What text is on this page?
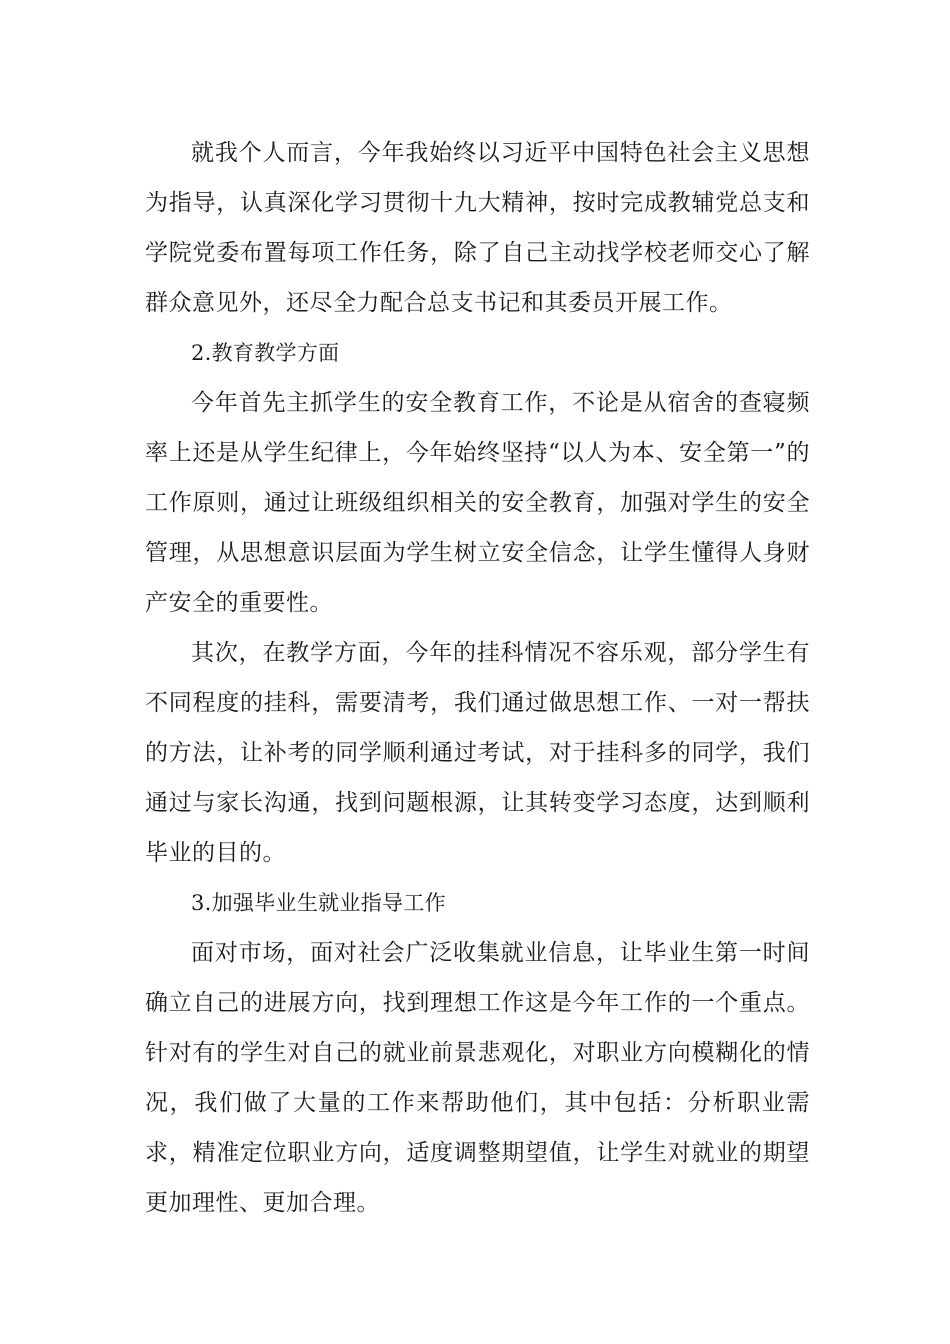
就我个人而言，今年我始终以习近平中国特色社会主义思想为指导，认真深化学习贯彻十九大精神，按时完成教辅党总支和学院党委布置每项工作任务，除了自己主动找学校老师交心了解群众意见外，还尽全力配合总支书记和其委员开展工作。

2.教育教学方面

今年首先主抓学生的安全教育工作，不论是从宿舍的查寝频率上还是从学生纪律上，今年始终坚持“以人为本、安全第一”的工作原则，通过让班级组织相关的安全教育，加强对学生的安全管理，从思想意识层面为学生树立安全信念，让学生懂得人身财产安全的重要性。

其次，在教学方面，今年的挂科情况不容乐观，部分学生有不同程度的挂科，需要清考，我们通过做思想工作、一对一帮扶的方法，让补考的同学顺利通过考试，对于挂科多的同学，我们通过与家长沟通，找到问题根源，让其转变学习态度，达到顺利毕业的目的。

3.加强毕业生就业指导工作

面对市场，面对社会广泛收集就业信息，让毕业生第一时间确立自己的进展方向，找到理想工作这是今年工作的一个重点。针对有的学生对自己的就业前景悲观化，对职业方向模糊化的情况，我们做了大量的工作来帮助他们，其中包括：分析职业需求，精准定位职业方向，适度调整期望值，让学生对就业的期望更加理性、更加合理。
